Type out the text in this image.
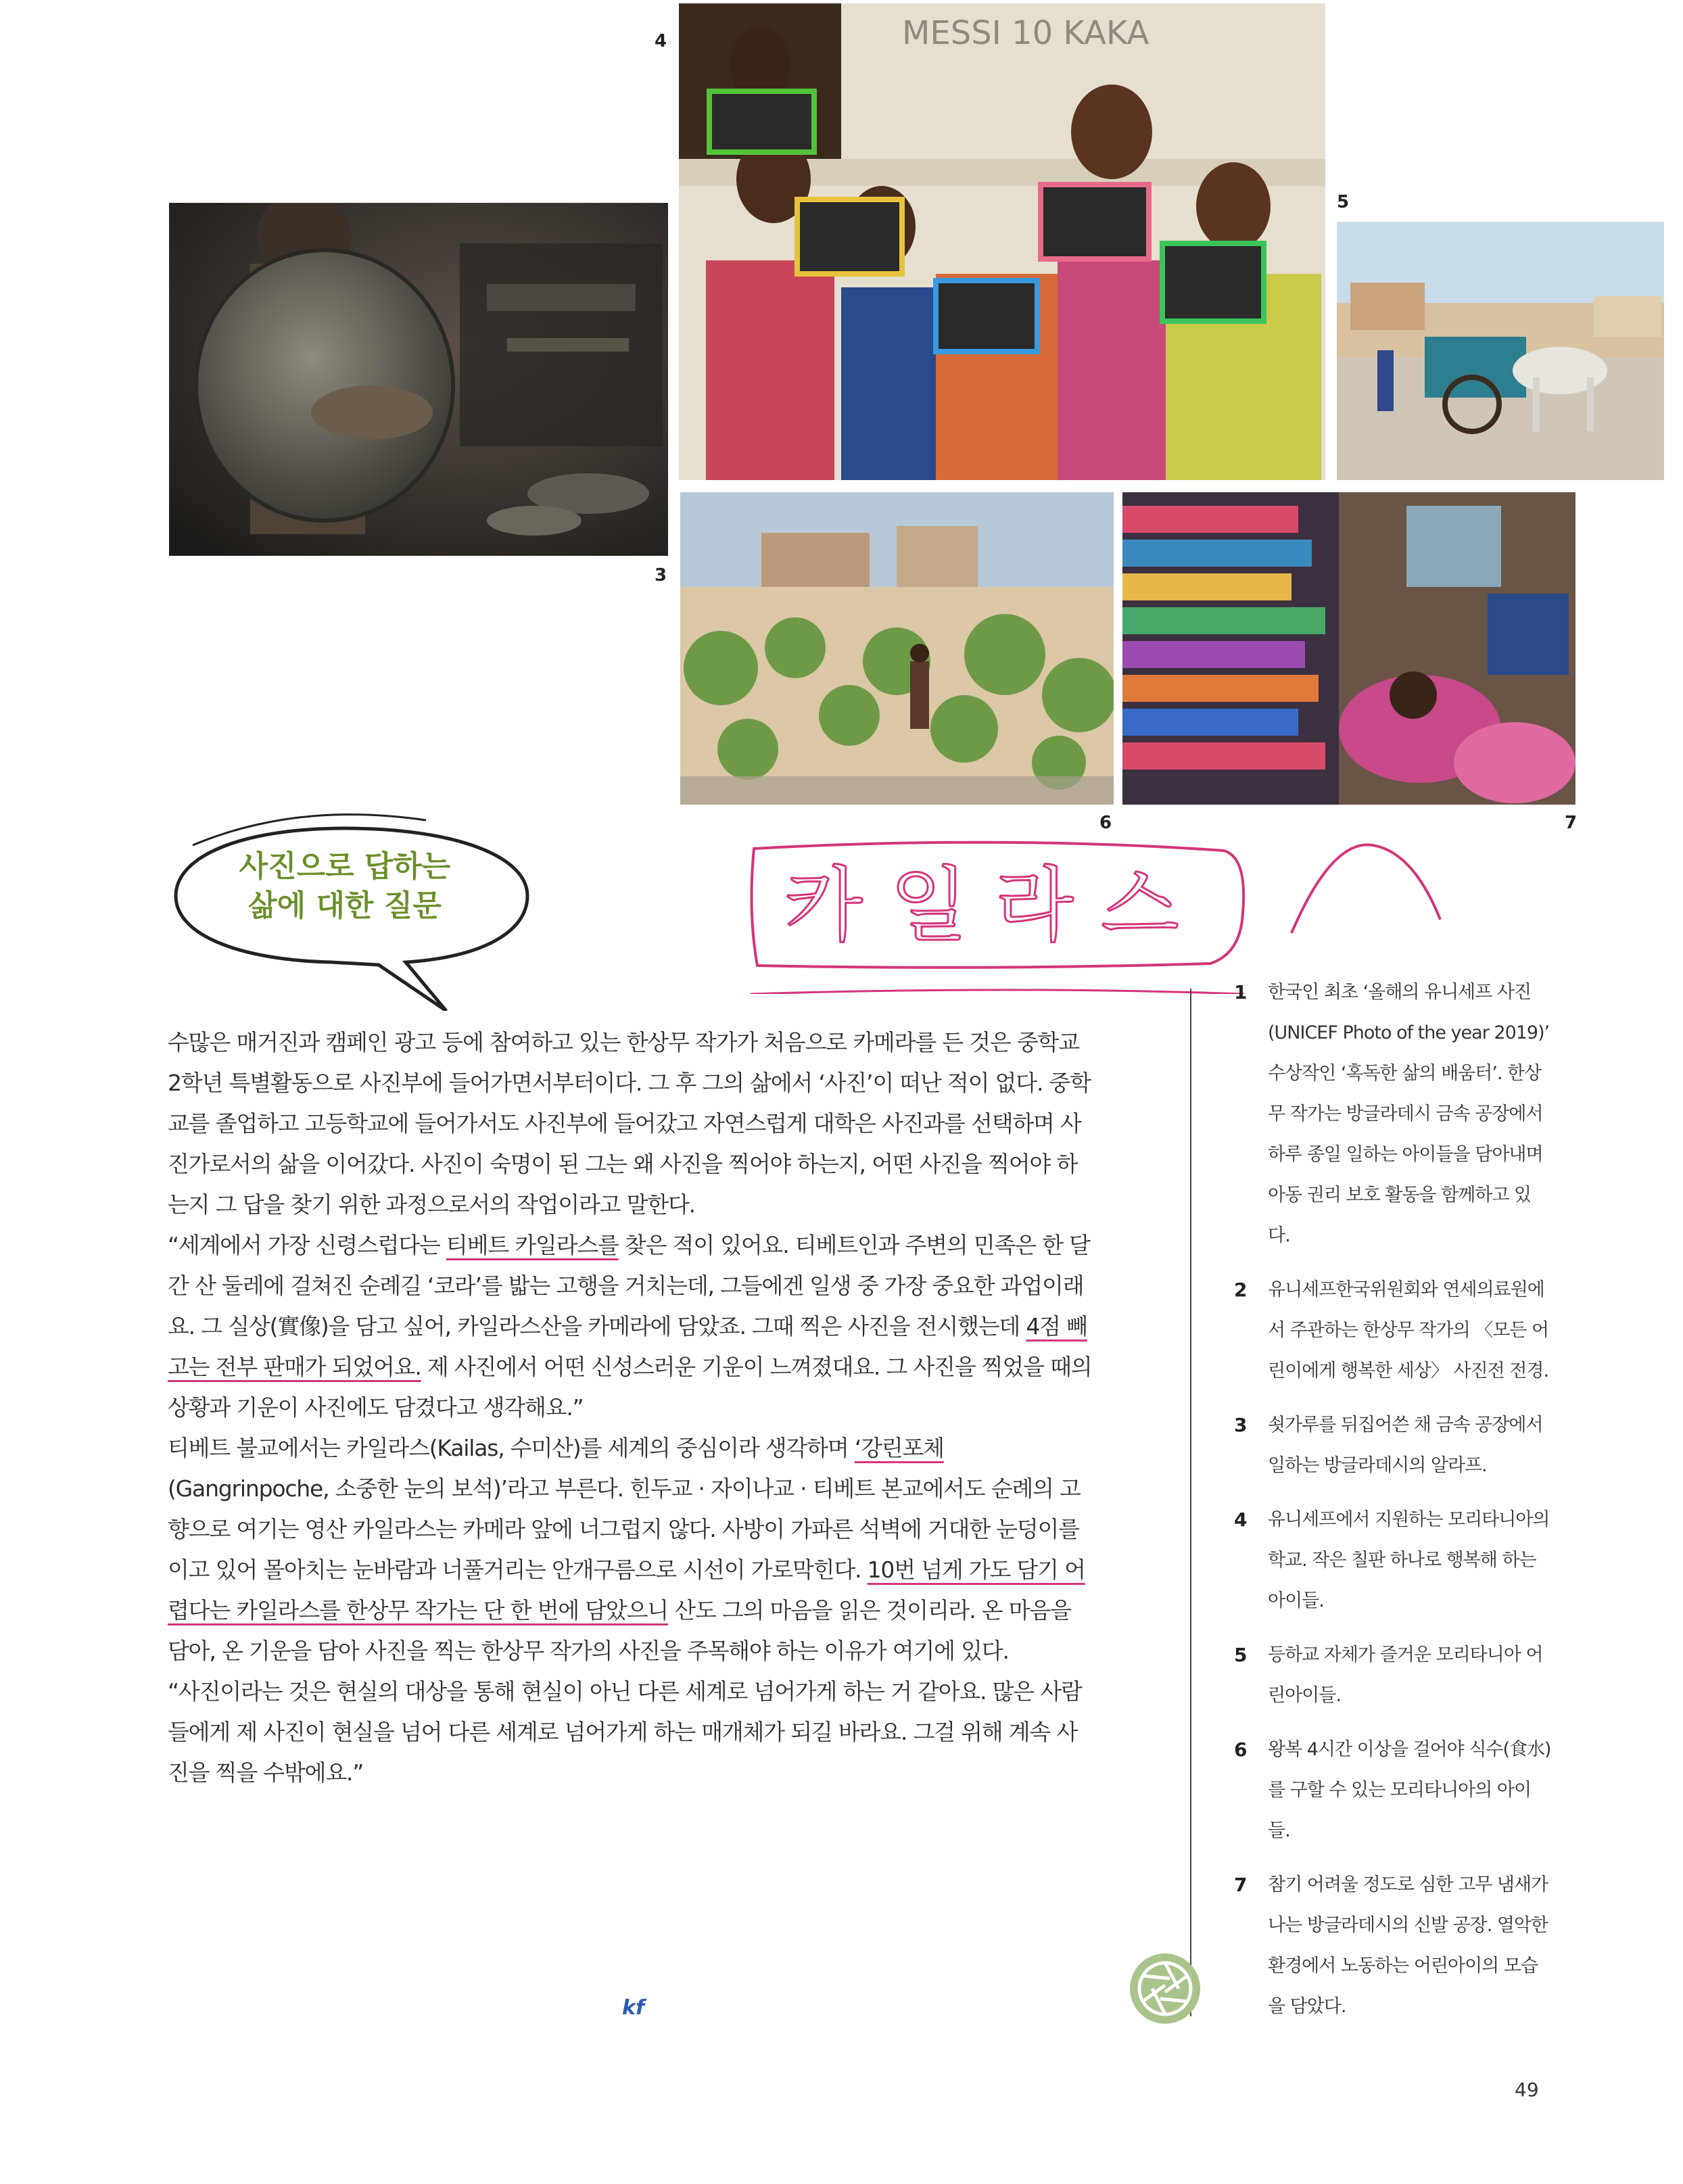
3
MESSI 10 KAKA
4
5
6	7
사진으로 답하는
삶에 대한 질문	카일라스

수많은 매거진과 캠페인 광고 등에 참여하고 있는 한상무 작가가 처음으로 카메라를 든 것은 중학교 2학년 특별활동으로 사진부에 들어가면서부터이다. 그 후 그의 삶에서 ‘사진’이 떠난 적이 없다. 중학교를 졸업하고 고등학교에 들어가서도 사진부에 들어갔고 자연스럽게 대학은 사진과를 선택하며 사진가로서의 삶을 이어갔다. 사진이 숙명이 된 그는 왜 사진을 찍어야 하는지, 어떤 사진을 찍어야 하는지 그 답을 찾기 위한 과정으로서의 작업이라고 말한다.

“세계에서 가장 신령스럽다는 티베트 카일라스를 찾은 적이 있어요. 티베트인과 주변의 민족은 한 달간 산 둘레에 걸쳐진 순례길 ‘코라’를 밟는 고행을 거치는데, 그들에겐 일생 중 가장 중요한 과업이래요. 그 실상(實像)을 담고 싶어, 카일라스산을 카메라에 담았죠. 그때 찍은 사진을 전시했는데 4점 빼고는 전부 판매가 되었어요. 제 사진에서 어떤 신성스러운 기운이 느껴졌대요. 그 사진을 찍었을 때의 상황과 기운이 사진에도 담겼다고 생각해요.”

티베트 불교에서는 카일라스(Kailas, 수미산)를 세계의 중심이라 생각하며 ‘강린포체(Gangrinpoche, 소중한 눈의 보석)’라고 부른다. 힌두교 · 자이나교 · 티베트 본교에서도 순례의 고향으로 여기는 영산 카일라스는 카메라 앞에 너그럽지 않다. 사방이 가파른 석벽에 거대한 눈덩이를 이고 있어 몰아치는 눈바람과 너풀거리는 안개구름으로 시선이 가로막힌다. 10번 넘게 가도 담기 어렵다는 카일라스를 한상무 작가는 단 한 번에 담았으니 산도 그의 마음을 읽은 것이리라. 온 마음을 담아, 온 기운을 담아 사진을 찍는 한상무 작가의 사진을 주목해야 하는 이유가 여기에 있다.

“사진이라는 것은 현실의 대상을 통해 현실이 아닌 다른 세계로 넘어가게 하는 거 같아요. 많은 사람들에게 제 사진이 현실을 넘어 다른 세계로 넘어가게 하는 매개체가 되길 바라요. 그걸 위해 계속 사진을 찍을 수밖에요.”

kf
1 한국인 최초 ‘올해의 유니세프 사진(UNICEF Photo of the year 2019)’ 수상작인 ‘혹독한 삶의 배움터’. 한상무 작가는 방글라데시 금속 공장에서 하루 종일 일하는 아이들을 담아내며 아동 권리 보호 활동을 함께하고 있다.
2 유니세프한국위원회와 연세의료원에서 주관하는 한상무 작가의 〈모든 어린이에게 행복한 세상〉 사진전 전경.
3 쇳가루를 뒤집어쓴 채 금속 공장에서 일하는 방글라데시의 알라프.
4 유니세프에서 지원하는 모리타니아의 학교. 작은 칠판 하나로 행복해 하는 아이들.
5 등하교 자체가 즐거운 모리타니아 어린아이들.
6 왕복 4시간 이상을 걸어야 식수(食水)를 구할 수 있는 모리타니아의 아이들.
7 참기 어려울 정도로 심한 고무 냄새가 나는 방글라데시의 신발 공장. 열악한 환경에서 노동하는 어린아이의 모습을 담았다.
49
